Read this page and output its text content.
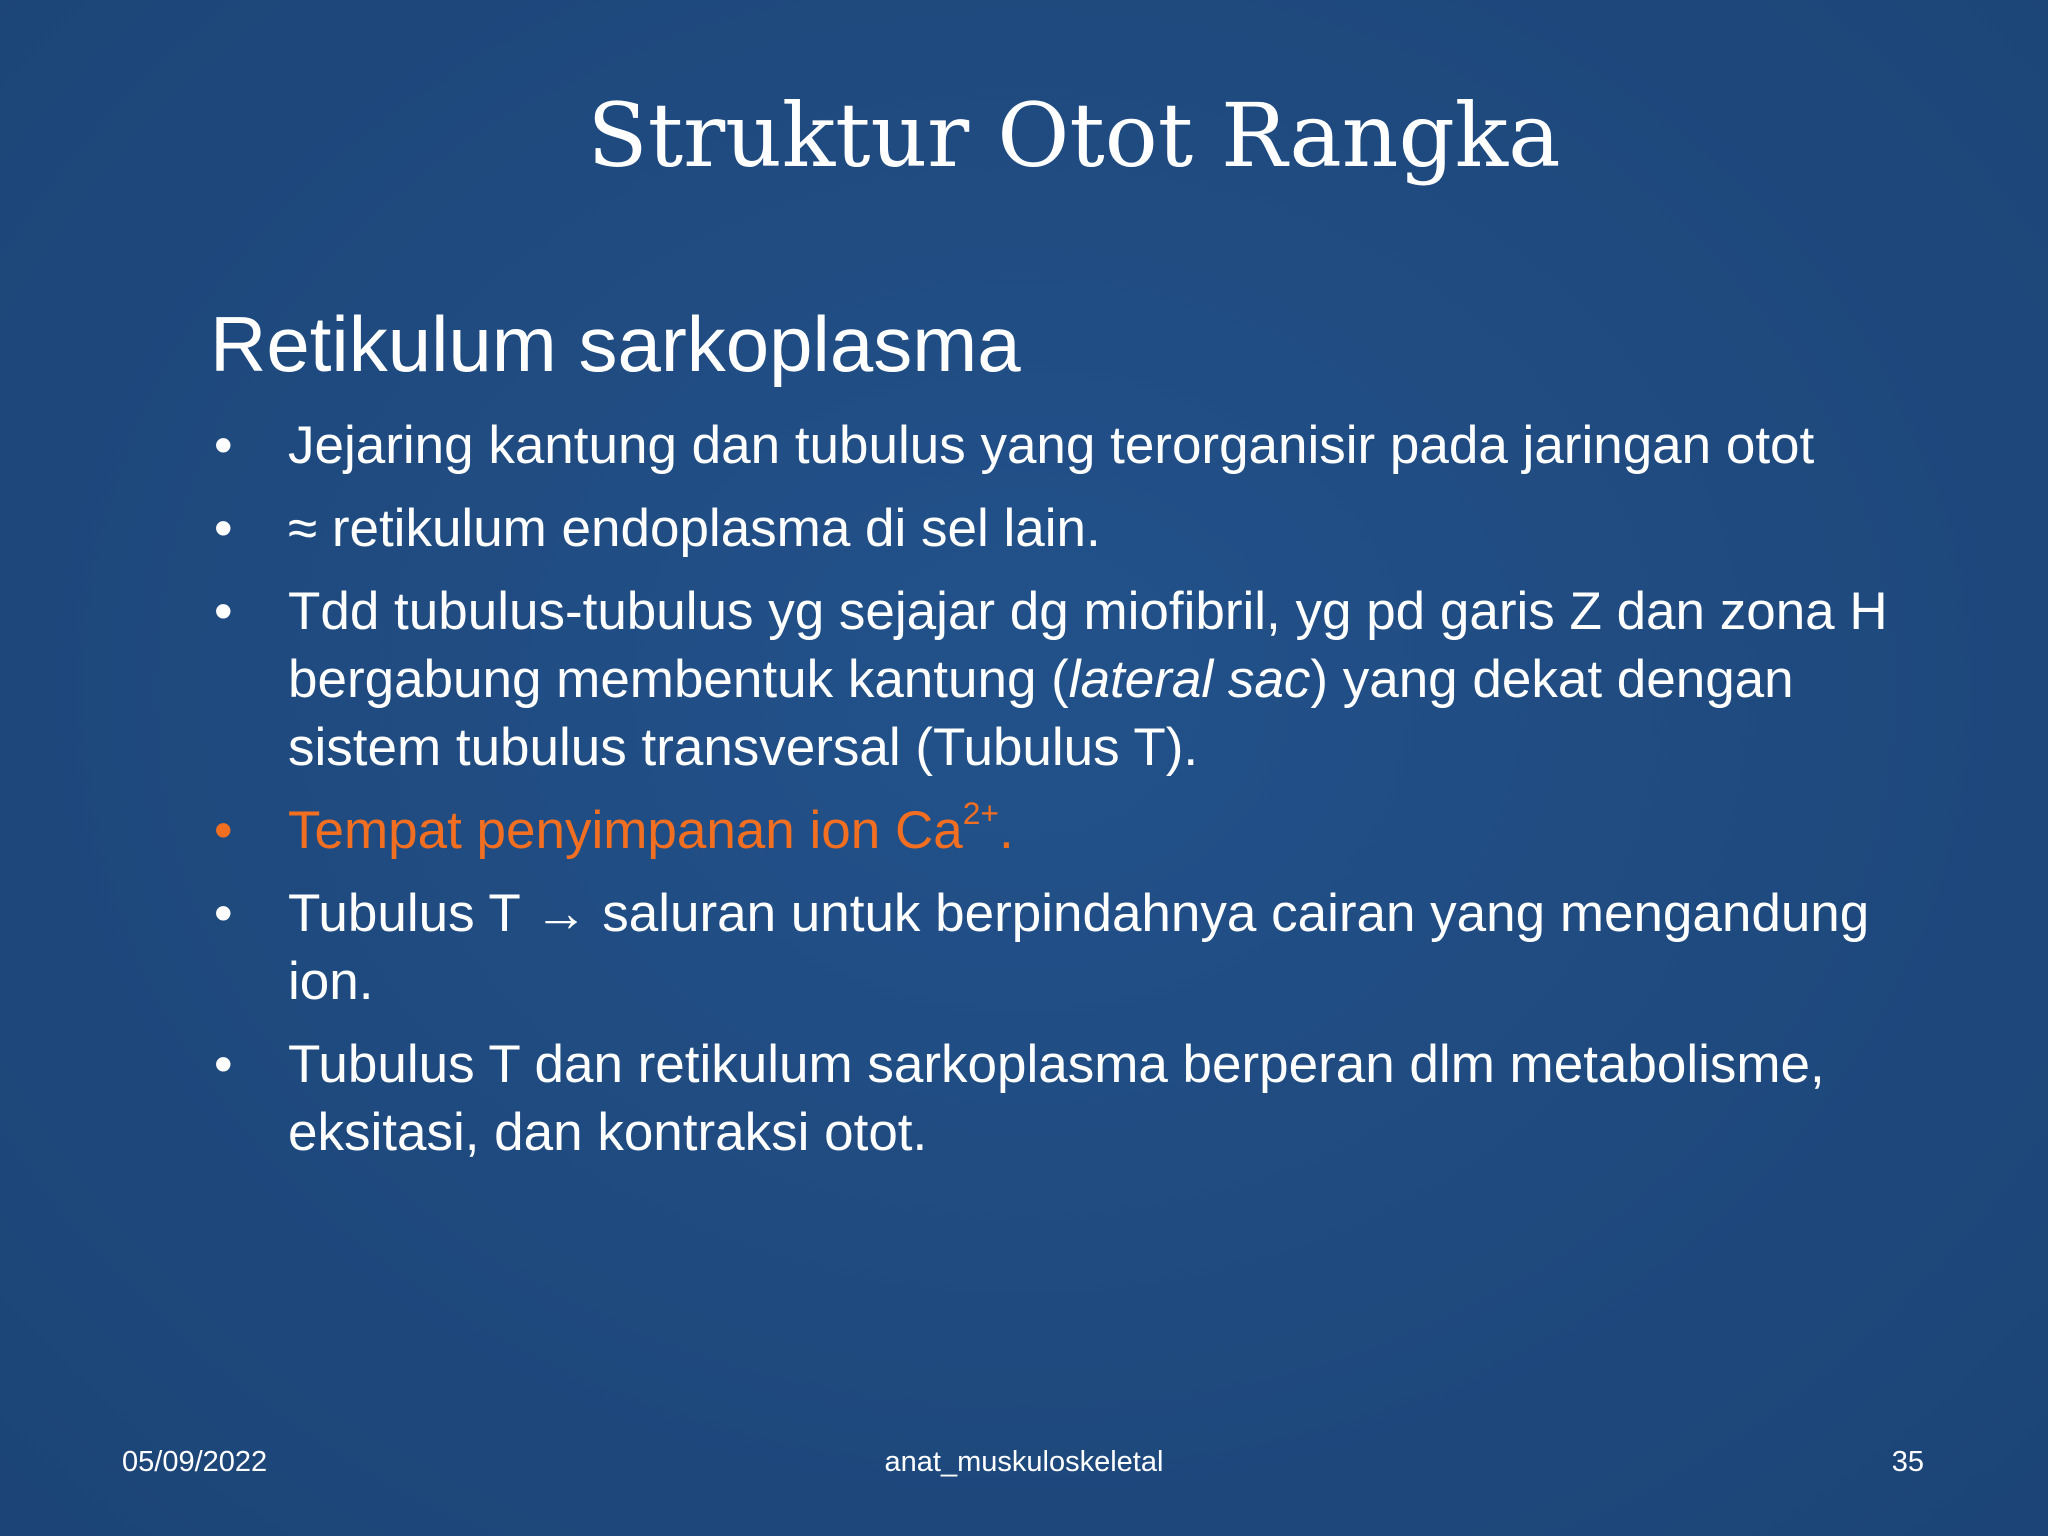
Struktur Otot Rangka
Retikulum sarkoplasma
• Jejaring kantung dan tubulus yang terorganisir pada jaringan otot
• ≈ retikulum endoplasma di sel lain.
• Tdd tubulus-tubulus yg sejajar dg miofibril, yg pd garis Z dan zona H bergabung membentuk kantung (lateral sac) yang dekat dengan sistem tubulus transversal (Tubulus T).
• Tempat penyimpanan ion $Ca^{2+}$.
• Tubulus T → saluran untuk berpindahnya cairan yang mengandung ion.
• Tubulus T dan retikulum sarkoplasma berperan dlm metabolisme, eksitasi, dan kontraksi otot.
05/09/2022	anat_muskuloskeletal	35
